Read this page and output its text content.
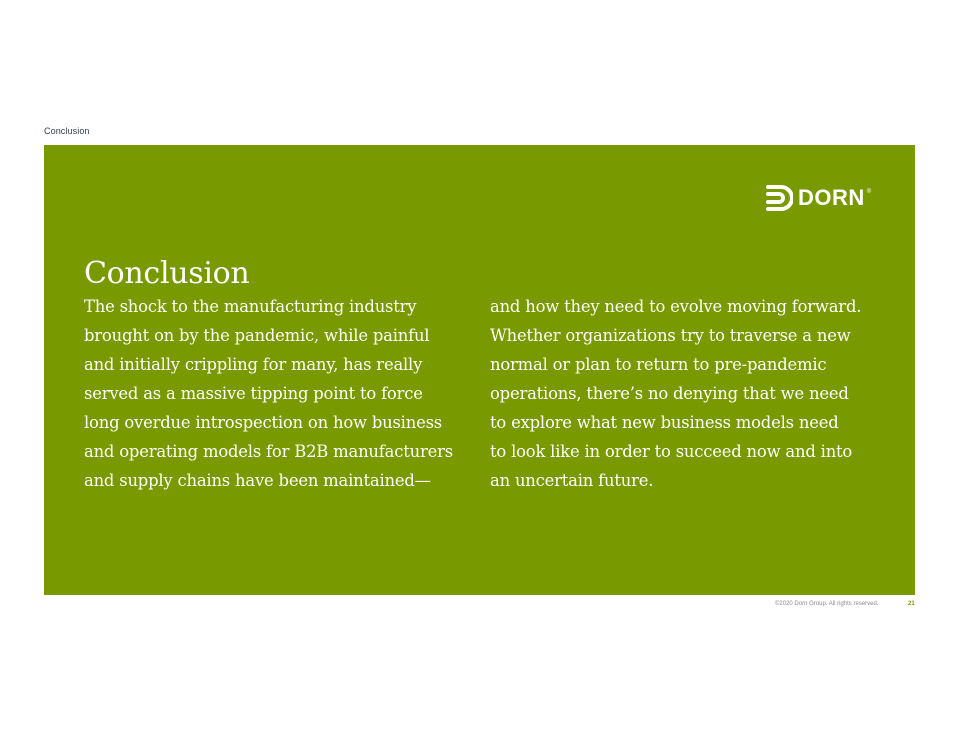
Conclusion
DORN ®
Conclusion

The shock to the manufacturing industry
brought on by the pandemic, while painful
and initially crippling for many, has really
served as a massive tipping point to force
long overdue introspection on how business
and operating models for B2B manufacturers
and supply chains have been maintained—

and how they need to evolve moving forward.
Whether organizations try to traverse a new
normal or plan to return to pre-pandemic
operations, there’s no denying that we need
to explore what new business models need
to look like in order to succeed now and into
an uncertain future.

©2020 Dorn Group. All rights reserved.	21
